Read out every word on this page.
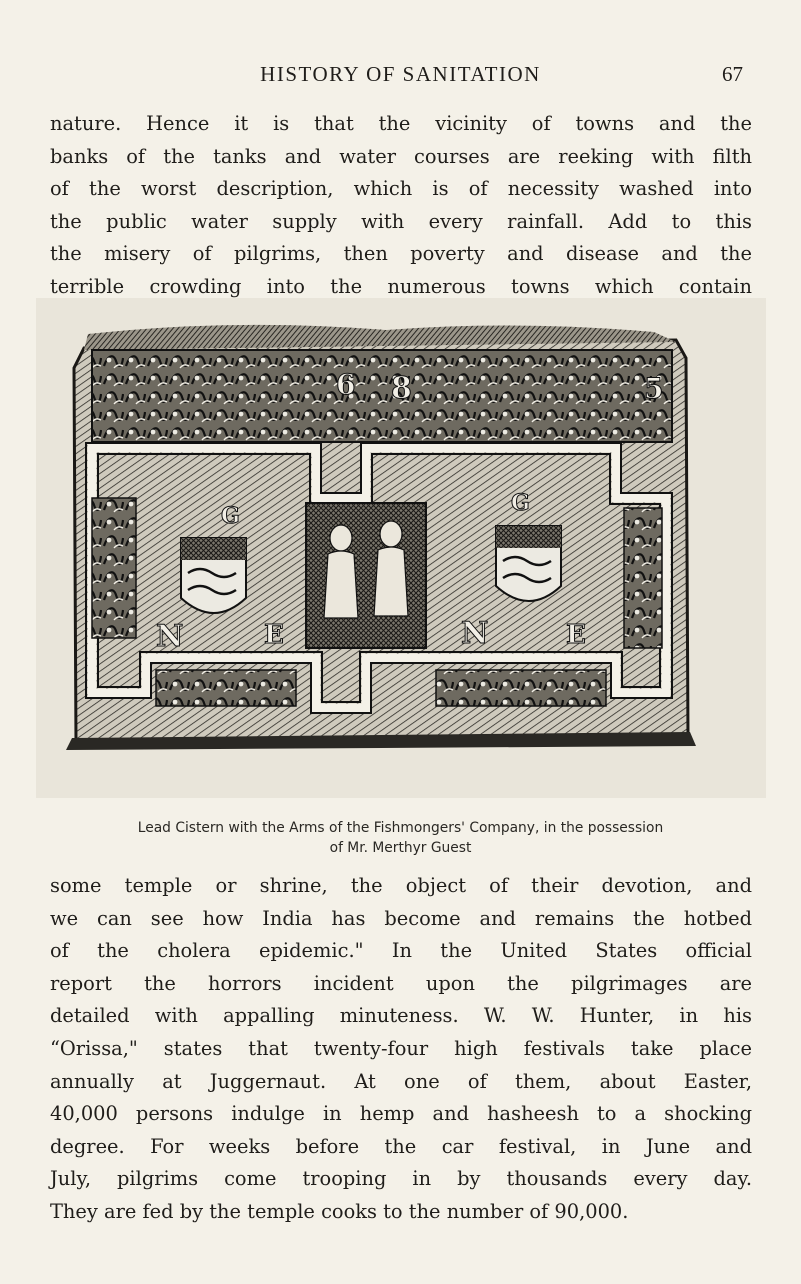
HISTORY OF SANITATION	67

nature. Hence it is that the vicinity of towns and the
banks of the tanks and water courses are reeking with filth
of the worst description, which is of necessity washed into
the public water supply with every rainfall. Add to this
the misery of pilgrims, then poverty and disease and the
terrible crowding into the numerous towns which contain

6 8	5
G
N	E
G
N	E
Lead Cistern with the Arms of the Fishmongers' Company, in the possession
of Mr. Merthyr Guest

some temple or shrine, the object of their devotion, and
we can see how India has become and remains the hotbed
of the cholera epidemic." In the United States official
report the horrors incident upon the pilgrimages are
detailed with appalling minuteness. W. W. Hunter, in his
“Orissa," states that twenty-four high festivals take place
annually at Juggernaut. At one of them, about Easter,
40,000 persons indulge in hemp and hasheesh to a shocking
degree. For weeks before the car festival, in June and
July, pilgrims come trooping in by thousands every day.
They are fed by the temple cooks to the number of 90,000.
